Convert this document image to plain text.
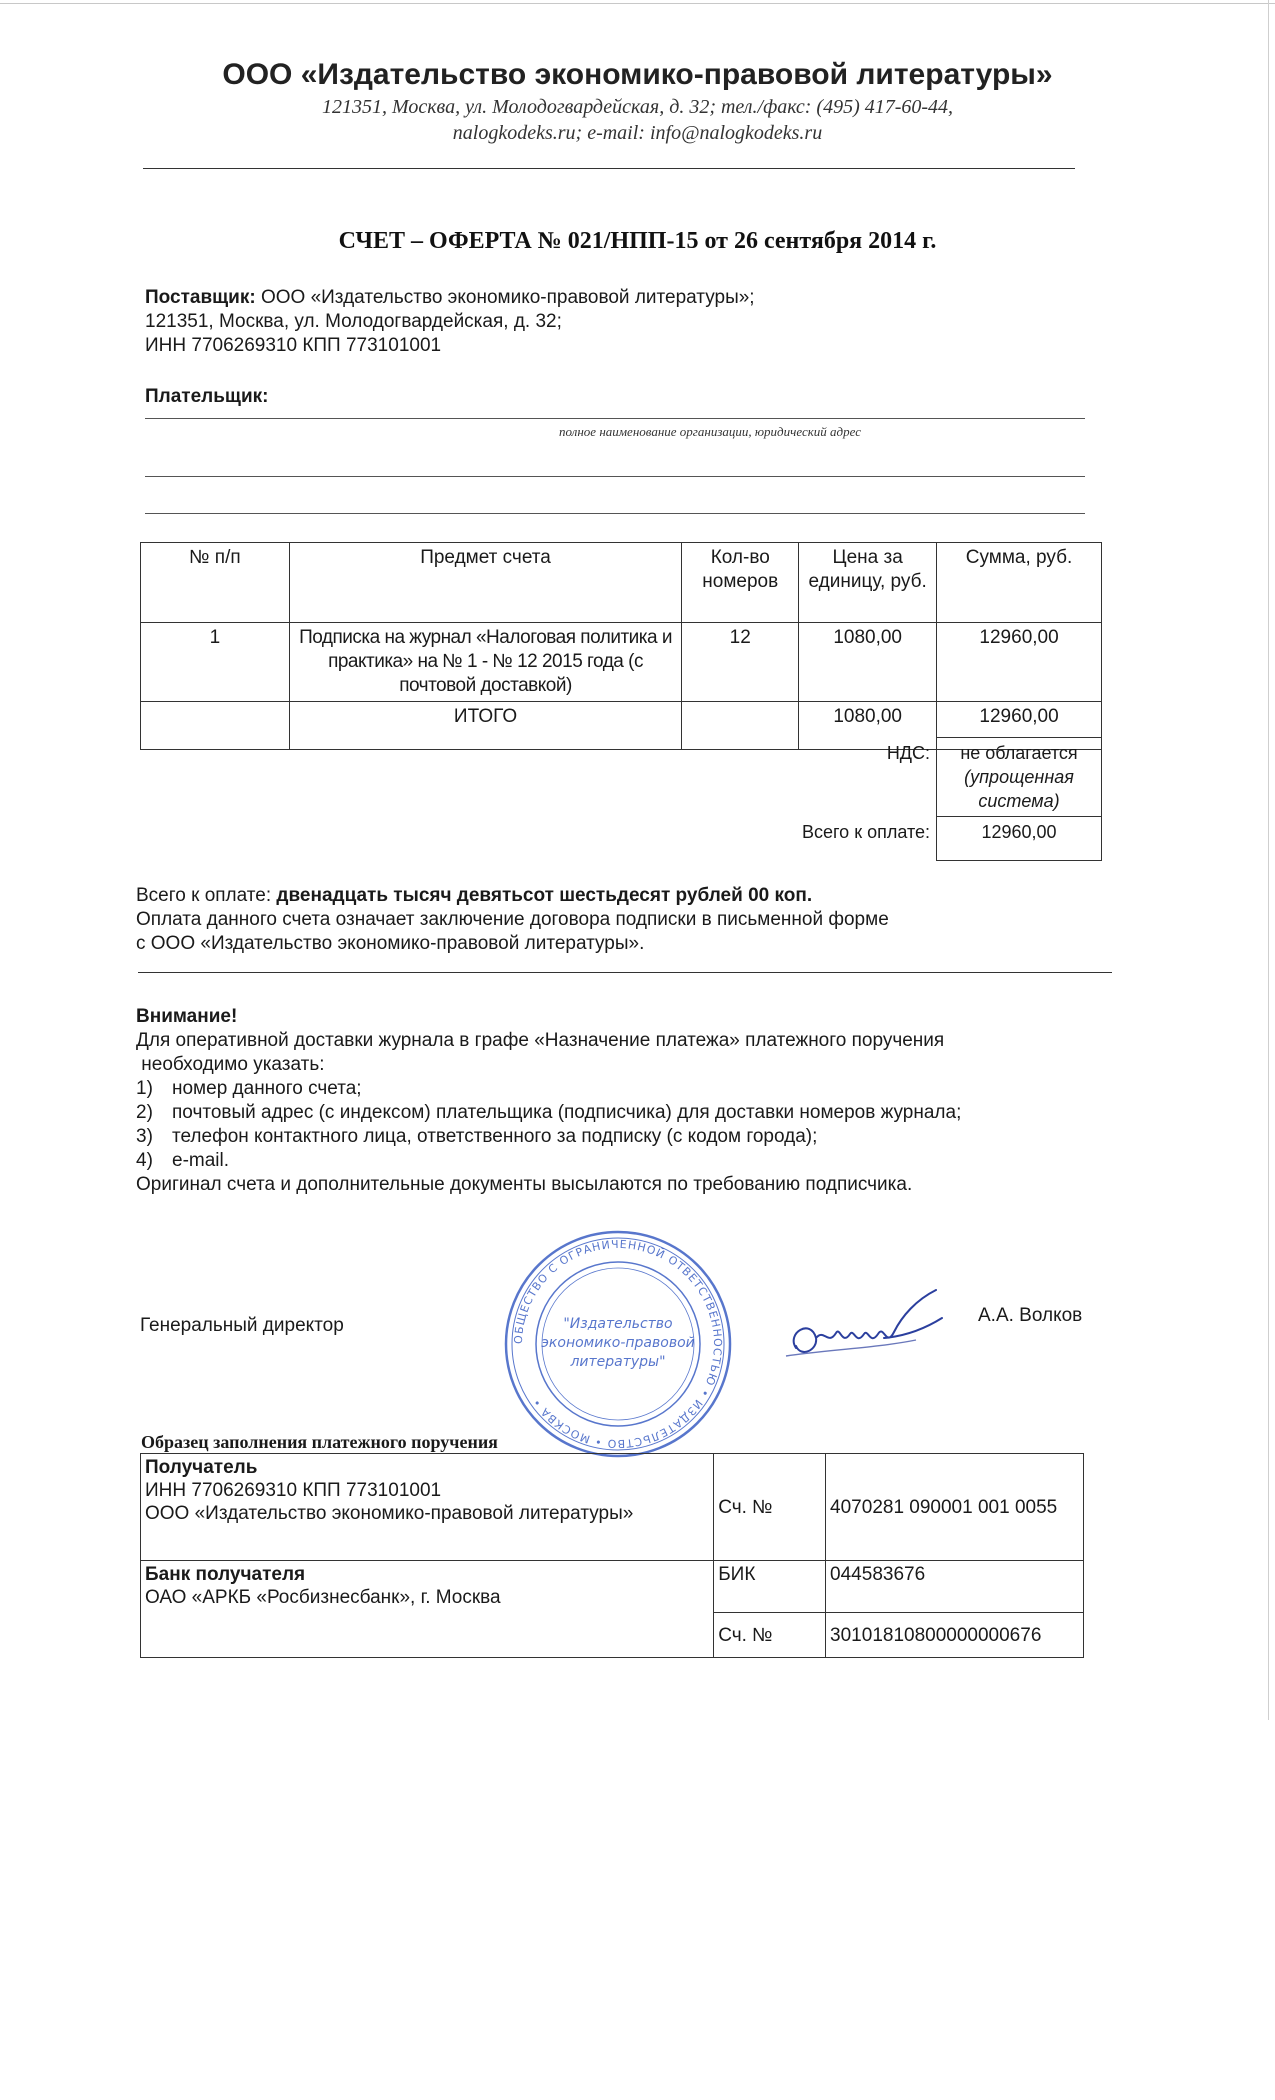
ООО «Издательство экономико-правовой литературы»
121351, Москва, ул. Молодогвардейская, д. 32; тел./факс: (495) 417-60-44,
nalogkodeks.ru; e-mail: info@nalogkodeks.ru
СЧЕТ – ОФЕРТА № 021/НПП-15 от 26 сентября 2014 г.
Поставщик: ООО «Издательство экономико-правовой литературы»;
121351, Москва, ул. Молодогвардейская, д. 32;
ИНН 7706269310 КПП 773101001
Плательщик:
полное наименование организации, юридический адрес
№ п/п	Предмет счета	Кол-во номеров	Цена за единицу, руб.	Сумма, руб.
1	Подписка на журнал «Налоговая политика и практика» на № 1 - № 12 2015 года (с почтовой доставкой)	12	1080,00	12960,00
	ИТОГО		1080,00	12960,00
НДС:	не облагается
(упрощенная система)

Всего к оплате:	12960,00
Всего к оплате: двенадцать тысяч девятьсот шестьдесят рублей 00 коп.
Оплата данного счета означает заключение договора подписки в письменной форме
с ООО «Издательство экономико-правовой литературы».
Внимание!
Для оперативной доставки журнала в графе «Назначение платежа» платежного поручения
необходимо указать:
1) номер данного счета;
2) почтовый адрес (с индексом) плательщика (подписчика) для доставки номеров журнала;
3) телефон контактного лица, ответственного за подписку (с кодом города);
4) e-mail.
Оригинал счета и дополнительные документы высылаются по требованию подписчика.
Генеральный директор	А.А. Волков
ОБЩЕСТВО С ОГРАНИЧЕННОЙ ОТВЕТСТВЕННОСТЬЮ • ИЗДАТЕЛЬСТВО • МОСКВА •
"Издательство
экономико-правовой
литературы"
Образец заполнения платежного поручения
Получатель
ИНН 7706269310 КПП 773101001
ООО «Издательство экономико-правовой литературы»	Сч. №	4070281 090001 001 0055

Банк получателя
ОАО «АРКБ «Росбизнесбанк», г. Москва	БИК	044583676
	Сч. №	30101810800000000676
